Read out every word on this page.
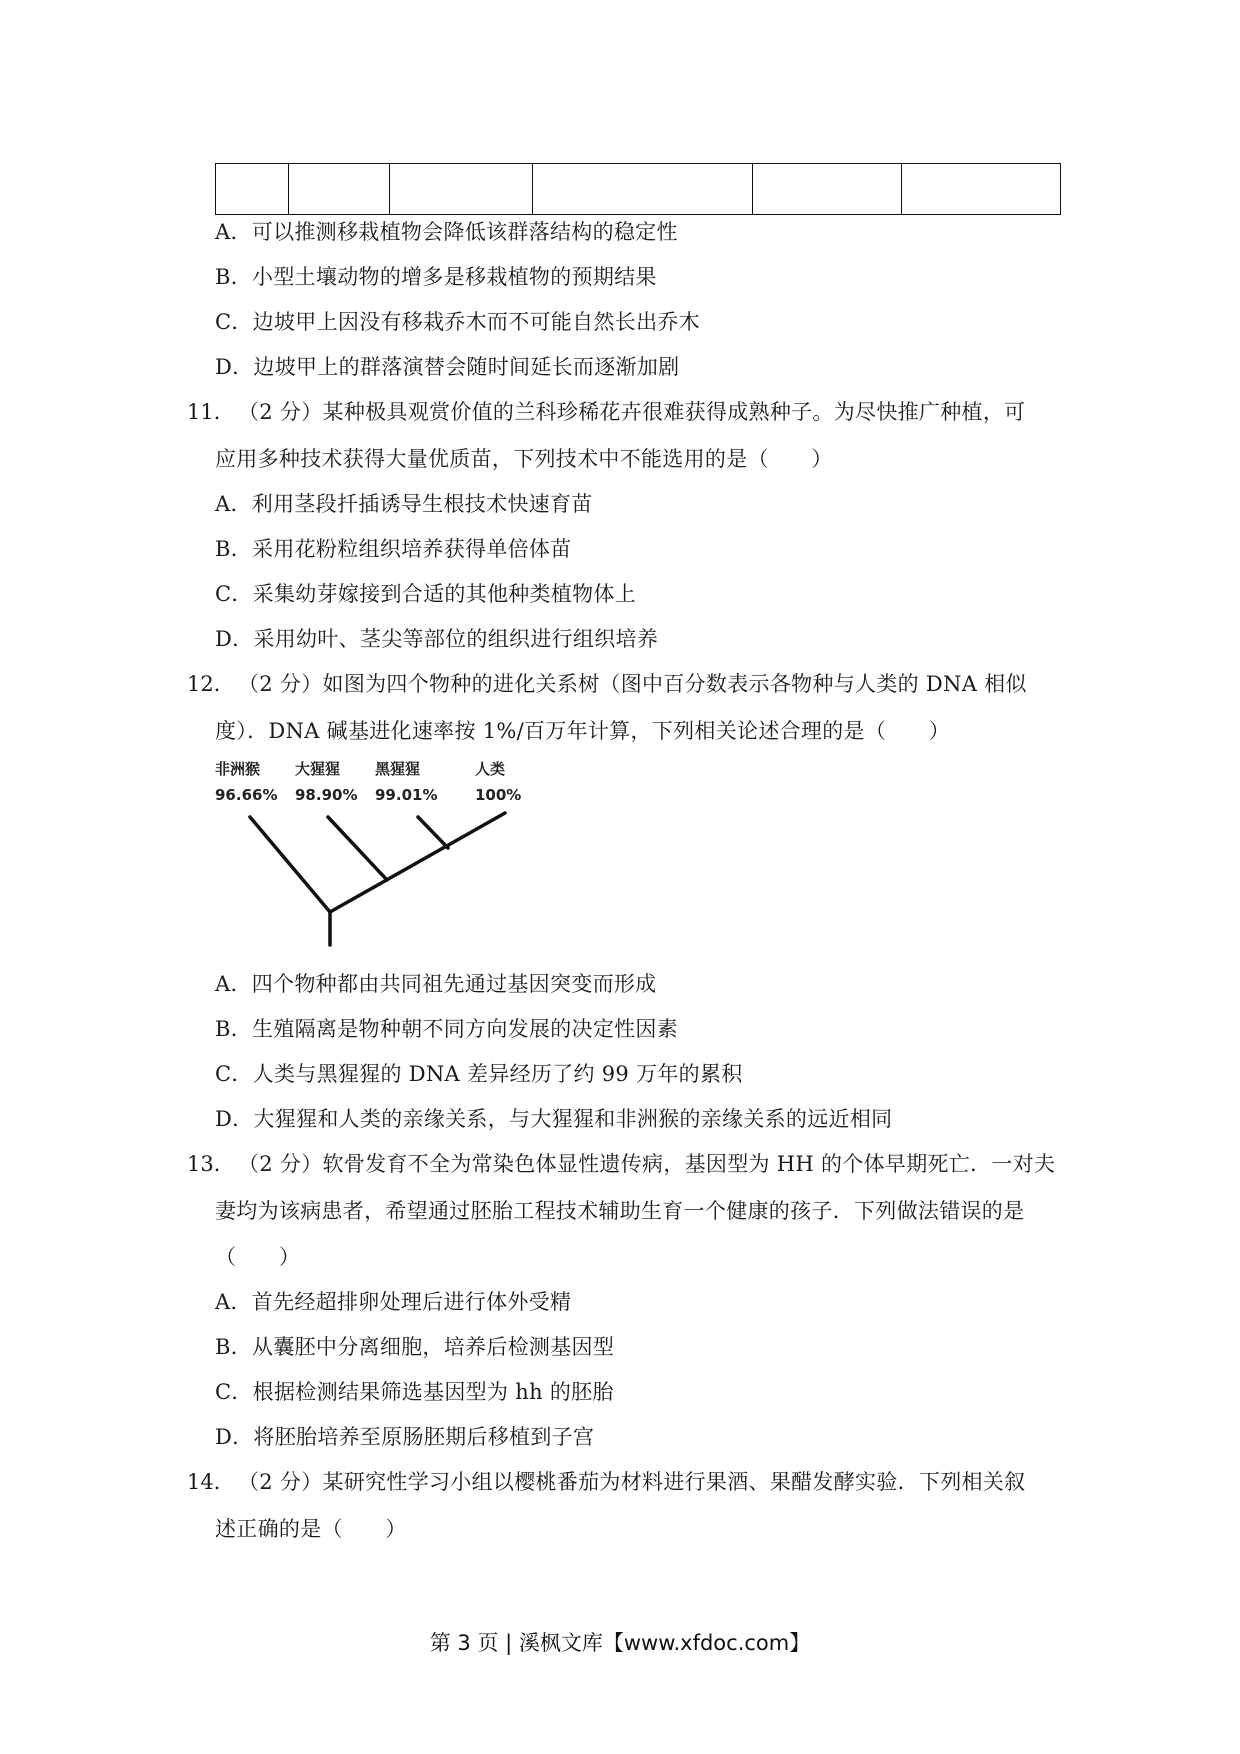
A．可以推测移栽植物会降低该群落结构的稳定性
B．小型土壤动物的增多是移栽植物的预期结果
C．边坡甲上因没有移栽乔木而不可能自然长出乔木
D．边坡甲上的群落演替会随时间延长而逐渐加剧
11． （2 分）某种极具观赏价值的兰科珍稀花卉很难获得成熟种子。为尽快推广种植，可
应用多种技术获得大量优质苗，下列技术中不能选用的是（　　）
A．利用茎段扦插诱导生根技术快速育苗
B．采用花粉粒组织培养获得单倍体苗
C．采集幼芽嫁接到合适的其他种类植物体上
D．采用幼叶、茎尖等部位的组织进行组织培养
12． （2 分）如图为四个物种的进化关系树（图中百分数表示各物种与人类的 DNA 相似
度）．DNA 碱基进化速率按 1%/百万年计算，下列相关论述合理的是（　　）
非洲猴 大猩猩 黑猩猩	人类
96.66% 98.90% 99.01%	100%
A．四个物种都由共同祖先通过基因突变而形成
B．生殖隔离是物种朝不同方向发展的决定性因素
C．人类与黑猩猩的 DNA 差异经历了约 99 万年的累积
D．大猩猩和人类的亲缘关系，与大猩猩和非洲猴的亲缘关系的远近相同
13． （2 分）软骨发育不全为常染色体显性遗传病，基因型为 HH 的个体早期死亡．一对夫
妻均为该病患者，希望通过胚胎工程技术辅助生育一个健康的孩子．下列做法错误的是
（　　）
A．首先经超排卵处理后进行体外受精
B．从囊胚中分离细胞，培养后检测基因型
C．根据检测结果筛选基因型为 hh 的胚胎
D．将胚胎培养至原肠胚期后移植到子宫
14． （2 分）某研究性学习小组以樱桃番茄为材料进行果酒、果醋发酵实验．下列相关叙
述正确的是（　　）
第 3 页 | 溪枫文库【www.xfdoc.com】
